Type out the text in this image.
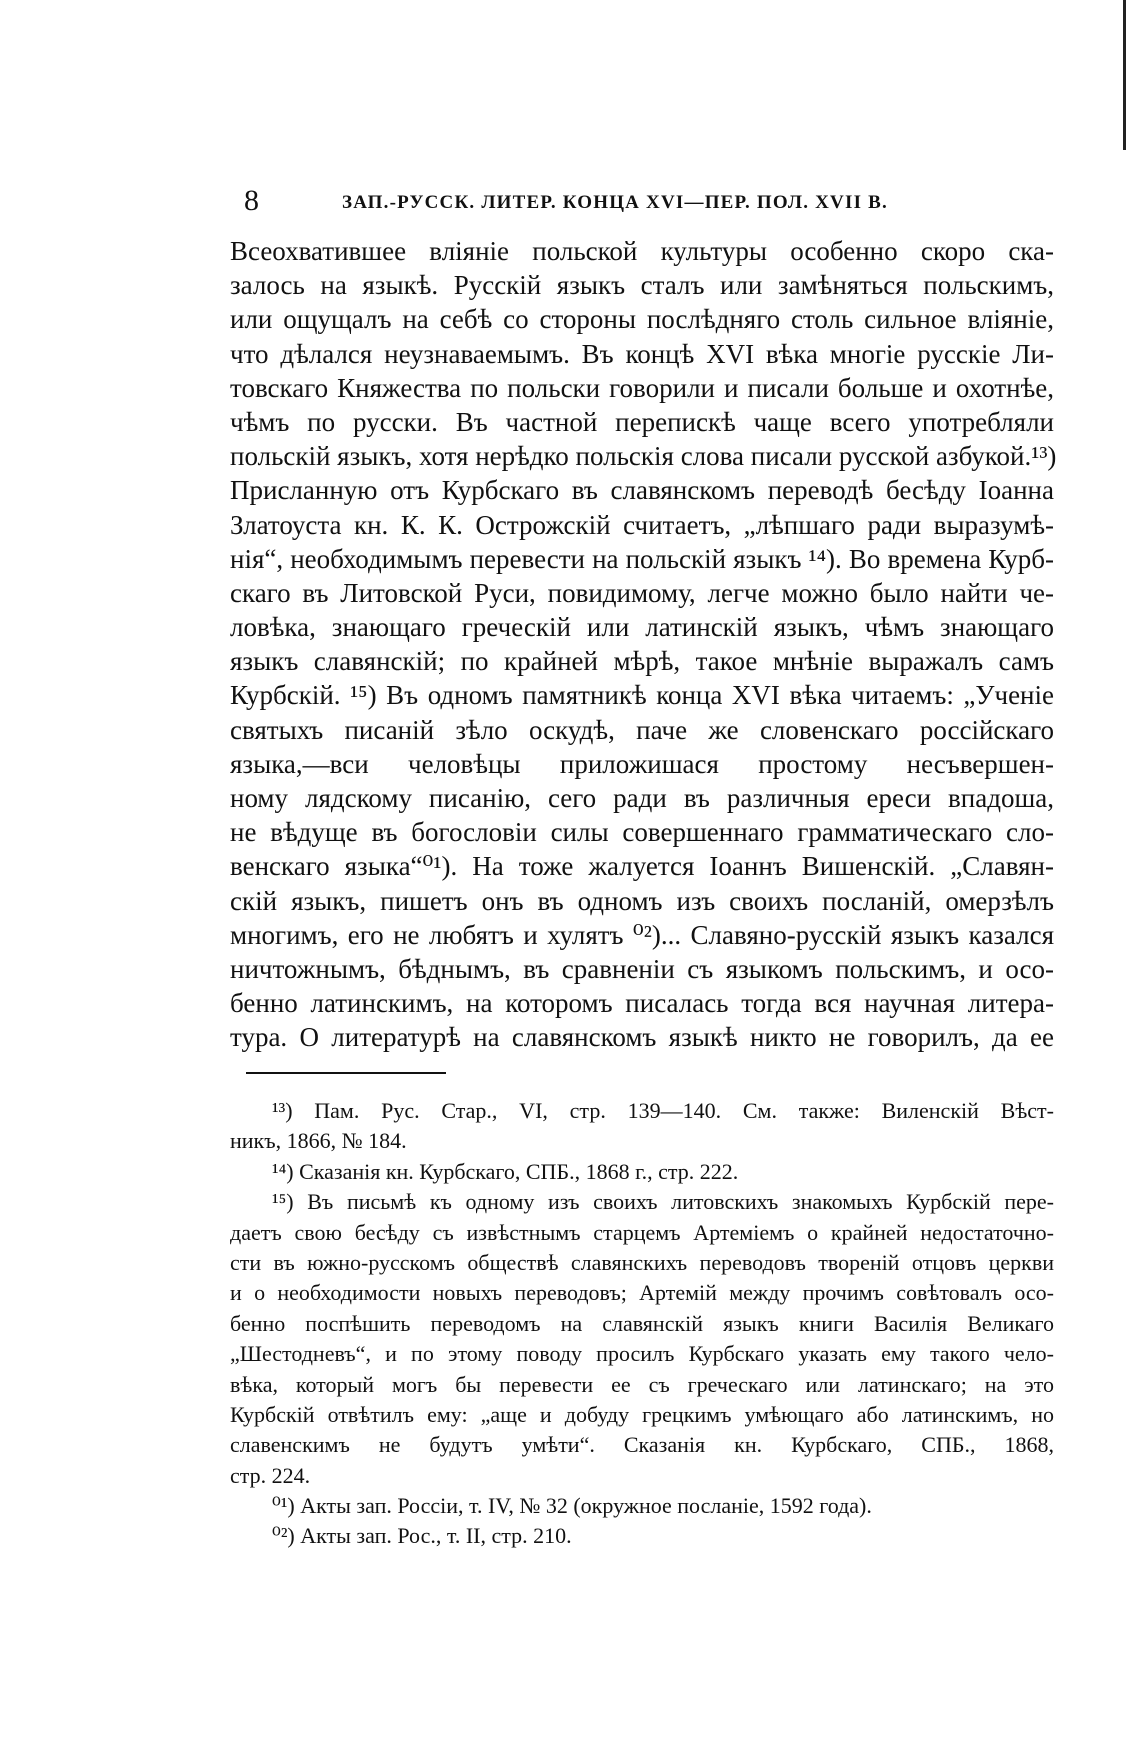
8	ЗАП.-РУССК. ЛИТЕР. КОНЦА XVI—ПЕР. ПОЛ. XVII В.
Всеохватившее вліяніе польской культуры особенно скоро ска-
залось на языкѣ. Русскій языкъ сталъ или замѣняться польскимъ,
или ощущалъ на себѣ со стороны послѣдняго столь сильное вліяніе,
что дѣлался неузнаваемымъ. Въ концѣ XVI вѣка многіе русскіе Ли-
товскаго Княжества по польски говорили и писали больше и охотнѣе,
чѣмъ по русски. Въ частной перепискѣ чаще всего употребляли
польскій языкъ, хотя нерѣдко польскія слова писали русской азбукой.¹³)
Присланную отъ Курбскаго въ славянскомъ переводѣ бесѣду Іоанна
Златоуста кн. К. К. Острожскій считаетъ, „лѣпшаго ради выразумѣ-
нія“, необходимымъ перевести на польскій языкъ ¹⁴). Во времена Курб-
скаго въ Литовской Руси, повидимому, легче можно было найти че-
ловѣка, знающаго греческій или латинскій языкъ, чѣмъ знающаго
языкъ славянскій; по крайней мѣрѣ, такое мнѣніе выражалъ самъ
Курбскій. ¹⁵) Въ одномъ памятникѣ конца XVI вѣка читаемъ: „Ученіе
святыхъ писаній зѣло оскудѣ, паче же словенскаго россійскаго
языка,—вси человѣцы приложишася простому несъвершен-
ному лядскому писанію, сего ради въ различныя ереси впадоша,
не вѣдуще въ богословіи силы совершеннаго грамматическаго сло-
венскаго языка“⁰¹). На тоже жалуется Іоаннъ Вишенскій. „Славян-
скій языкъ, пишетъ онъ въ одномъ изъ своихъ посланій, омерзѣлъ
многимъ, его не любятъ и хулятъ ⁰²)... Славяно-русскій языкъ казался
ничтожнымъ, бѣднымъ, въ сравненіи съ языкомъ польскимъ, и осо-
бенно латинскимъ, на которомъ писалась тогда вся научная литера-
тура. О литературѣ на славянскомъ языкѣ никто не говорилъ, да ее
¹³) Пам. Рус. Стар., VI, стр. 139—140. См. также: Виленскій Вѣст-
никъ, 1866, № 184.
¹⁴) Сказанія кн. Курбскаго, СПБ., 1868 г., стр. 222.
¹⁵) Въ письмѣ къ одному изъ своихъ литовскихъ знакомыхъ Курбскій пере-
даетъ свою бесѣду съ извѣстнымъ старцемъ Артеміемъ о крайней недостаточно-
сти въ южно-русскомъ обществѣ славянскихъ переводовъ твореній отцовъ церкви
и о необходимости новыхъ переводовъ; Артемій между прочимъ совѣтовалъ осо-
бенно поспѣшить переводомъ на славянскій языкъ книги Василія Великаго
„Шестодневъ“, и по этому поводу просилъ Курбскаго указать ему такого чело-
вѣка, который могъ бы перевести ее съ греческаго или латинскаго; на это
Курбскій отвѣтилъ ему: „аще и добуду грецкимъ умѣющаго або латинскимъ, но
славенскимъ не будутъ умѣти“. Сказанія кн. Курбскаго, СПБ., 1868,
стр. 224.
⁰¹) Акты зап. Россіи, т. IV, № 32 (окружное посланіе, 1592 года).
⁰²) Акты зап. Рос., т. II, стр. 210.
